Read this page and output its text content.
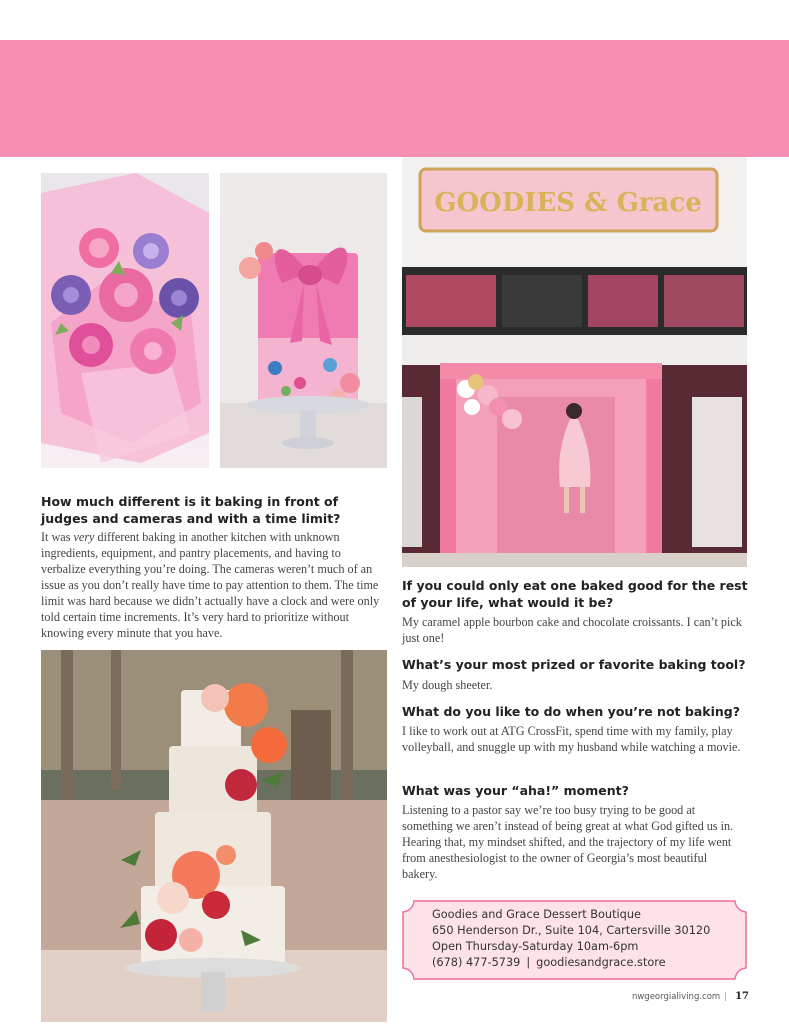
GOODIES & Grace

How much different is it baking in front of judges and cameras and with a time limit?

It was very different baking in another kitchen with unknown ingredients, equipment, and pantry placements, and having to verbalize everything you’re doing. The cameras weren’t much of an issue as you don’t really have time to pay attention to them. The time limit was hard because we didn’t actually have a clock and were only told certain time increments. It’s very hard to prioritize without knowing every minute that you have.

If you could only eat one baked good for the rest of your life, what would it be?

My caramel apple bourbon cake and chocolate croissants. I can’t pick just one!

What’s your most prized or favorite baking tool?

My dough sheeter.

What do you like to do when you’re not baking?

I like to work out at ATG CrossFit, spend time with my family, play volleyball, and snuggle up with my husband while watching a movie.

What was your “aha!” moment?

Listening to a pastor say we’re too busy trying to be good at something we aren’t instead of being great at what God gifted us in. Hearing that, my mindset shifted, and the trajectory of my life went from anesthesiologist to the owner of Georgia’s most beautiful bakery.

Goodies and Grace Dessert Boutique
650 Henderson Dr., Suite 104, Cartersville 30120
Open Thursday-Saturday 10am-6pm
(678) 477-5739 | goodiesandgrace.store
nwgeorgialiving.com | 17
